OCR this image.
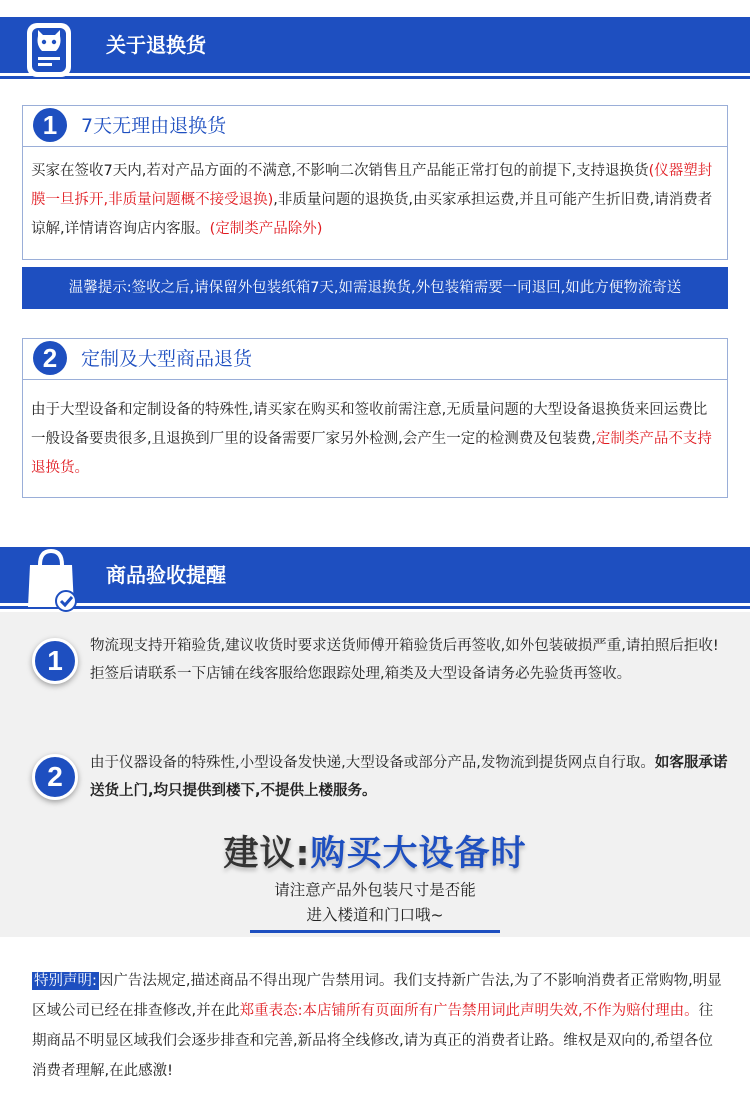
关于退换货
1	7天无理由退换货
买家在签收7天内,若对产品方面的不满意,不影响二次销售且产品能正常打包的前提下,支持退换货(仪器塑封膜一旦拆开,非质量问题概不接受退换),非质量问题的退换货,由买家承担运费,并且可能产生折旧费,请消费者谅解,详情请咨询店内客服。(定制类产品除外)
温馨提示:签收之后,请保留外包装纸箱7天,如需退换货,外包装箱需要一同退回,如此方便物流寄送
2	定制及大型商品退货
由于大型设备和定制设备的特殊性,请买家在购买和签收前需注意,无质量问题的大型设备退换货来回运费比一般设备要贵很多,且退换到厂里的设备需要厂家另外检测,会产生一定的检测费及包装费,定制类产品不支持退换货。
商品验收提醒
1	物流现支持开箱验货,建议收货时要求送货师傅开箱验货后再签收,如外包装破损严重,请拍照后拒收!拒签后请联系一下店铺在线客服给您跟踪处理,箱类及大型设备请务必先验货再签收。
2	由于仪器设备的特殊性,小型设备发快递,大型设备或部分产品,发物流到提货网点自行取。如客服承诺送货上门,均只提供到楼下,不提供上楼服务。
建议:购买大设备时
请注意产品外包装尺寸是否能
进入楼道和门口哦~
特别声明: 因广告法规定,描述商品不得出现广告禁用词。我们支持新广告法,为了不影响消费者正常购物,明显区域公司已经在排查修改,并在此郑重表态:本店铺所有页面所有广告禁用词此声明失效,不作为赔付理由。往期商品不明显区域我们会逐步排查和完善,新品将全线修改,请为真正的消费者让路。维权是双向的,希望各位消费者理解,在此感激!
